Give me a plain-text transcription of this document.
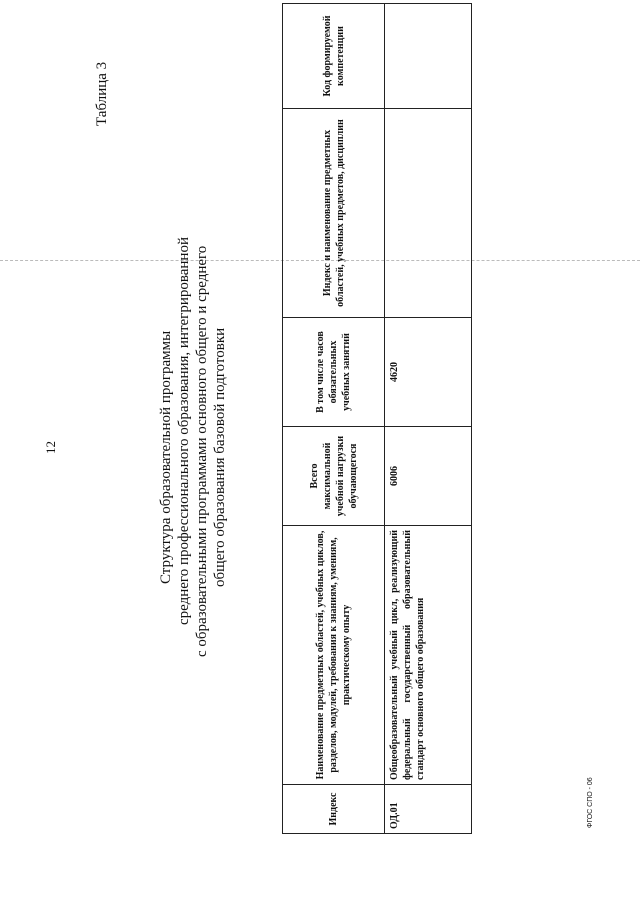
Таблица 3
12	Структура образовательной программы среднего профессионального образования, интегрированной с образовательными программами основного общего и среднего общего образования базовой подготовки
Индекс	Наименование предметных областей, учебных циклов, разделов, модулей, требования к знаниям, умениям, практическому опыту	Всего максимальной учебной нагрузки обучающегося	В том числе часов обязательных учебных занятий	Индекс и наименование предметных областей, учебных предметов, дисциплин	Код формируемой компетенции
ОД.01	Общеобразовательный учебный цикл, реализующий федеральный государственный образовательный стандарт основного общего образования	6006	4620		
ФГОС СПО - 06
